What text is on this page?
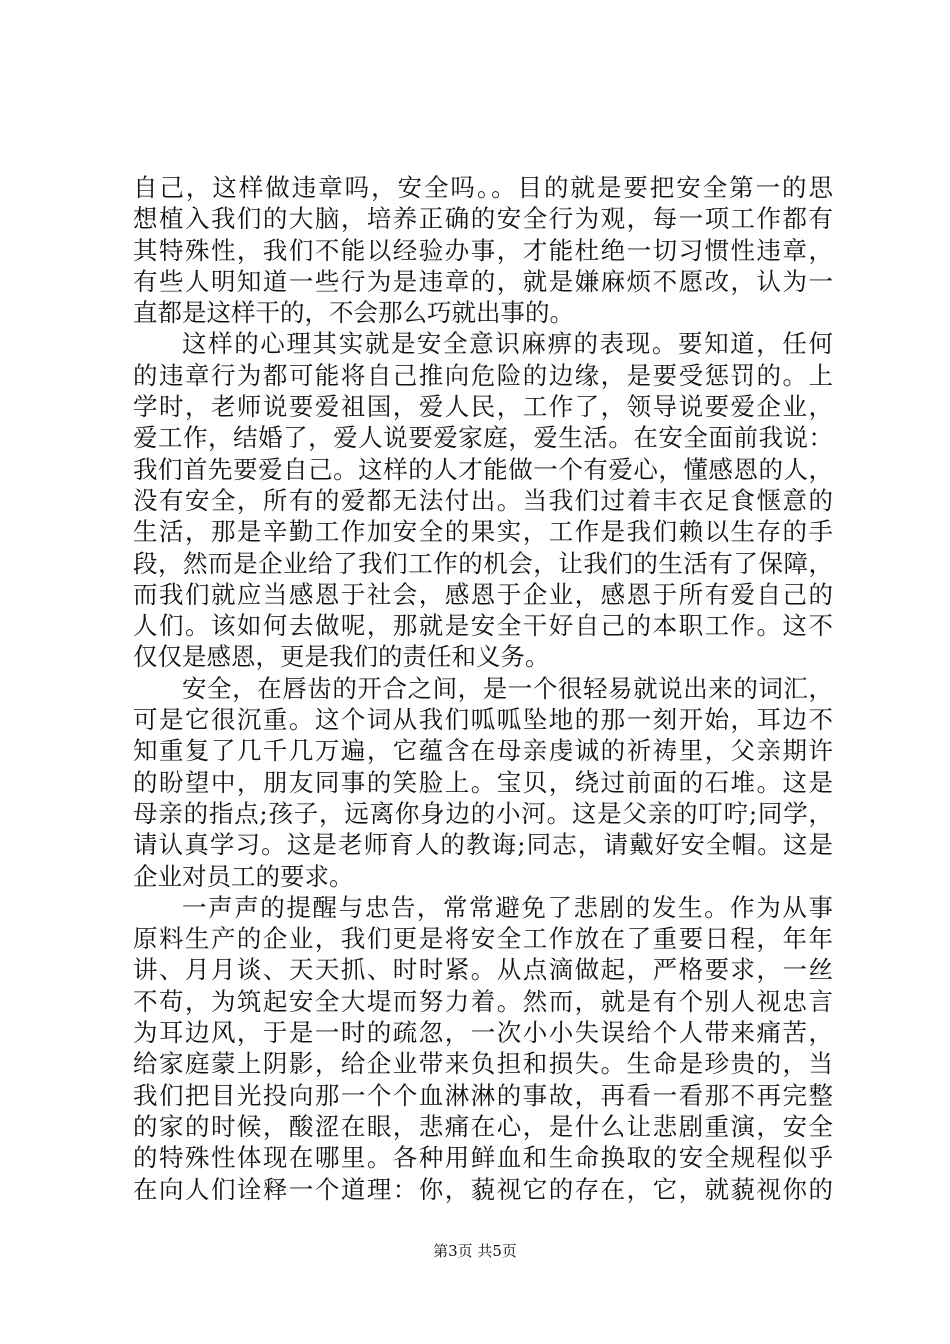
自己，这样做违章吗，安全吗。。目的就是要把安全第一的思
想植入我们的大脑，培养正确的安全行为观，每一项工作都有
其特殊性，我们不能以经验办事，才能杜绝一切习惯性违章，
有些人明知道一些行为是违章的，就是嫌麻烦不愿改，认为一
直都是这样干的，不会那么巧就出事的。
这样的心理其实就是安全意识麻痹的表现。要知道，任何
的违章行为都可能将自己推向危险的边缘，是要受惩罚的。上
学时，老师说要爱祖国，爱人民，工作了，领导说要爱企业，
爱工作，结婚了，爱人说要爱家庭，爱生活。在安全面前我说：
我们首先要爱自己。这样的人才能做一个有爱心，懂感恩的人，
没有安全，所有的爱都无法付出。当我们过着丰衣足食惬意的
生活，那是辛勤工作加安全的果实，工作是我们赖以生存的手
段，然而是企业给了我们工作的机会，让我们的生活有了保障，
而我们就应当感恩于社会，感恩于企业，感恩于所有爱自己的
人们。该如何去做呢，那就是安全干好自己的本职工作。这不
仅仅是感恩，更是我们的责任和义务。
安全，在唇齿的开合之间，是一个很轻易就说出来的词汇，
可是它很沉重。这个词从我们呱呱坠地的那一刻开始，耳边不
知重复了几千几万遍，它蕴含在母亲虔诚的祈祷里，父亲期许
的盼望中，朋友同事的笑脸上。宝贝，绕过前面的石堆。这是
母亲的指点;孩子，远离你身边的小河。这是父亲的叮咛;同学，
请认真学习。这是老师育人的教诲;同志，请戴好安全帽。这是
企业对员工的要求。
一声声的提醒与忠告，常常避免了悲剧的发生。作为从事
原料生产的企业，我们更是将安全工作放在了重要日程，年年
讲、月月谈、天天抓、时时紧。从点滴做起，严格要求，一丝
不苟，为筑起安全大堤而努力着。然而，就是有个别人视忠言
为耳边风，于是一时的疏忽，一次小小失误给个人带来痛苦，
给家庭蒙上阴影，给企业带来负担和损失。生命是珍贵的，当
我们把目光投向那一个个血淋淋的事故，再看一看那不再完整
的家的时候，酸涩在眼，悲痛在心，是什么让悲剧重演，安全
的特殊性体现在哪里。各种用鲜血和生命换取的安全规程似乎
在向人们诠释一个道理：你，藐视它的存在，它，就藐视你的
第3页 共5页
